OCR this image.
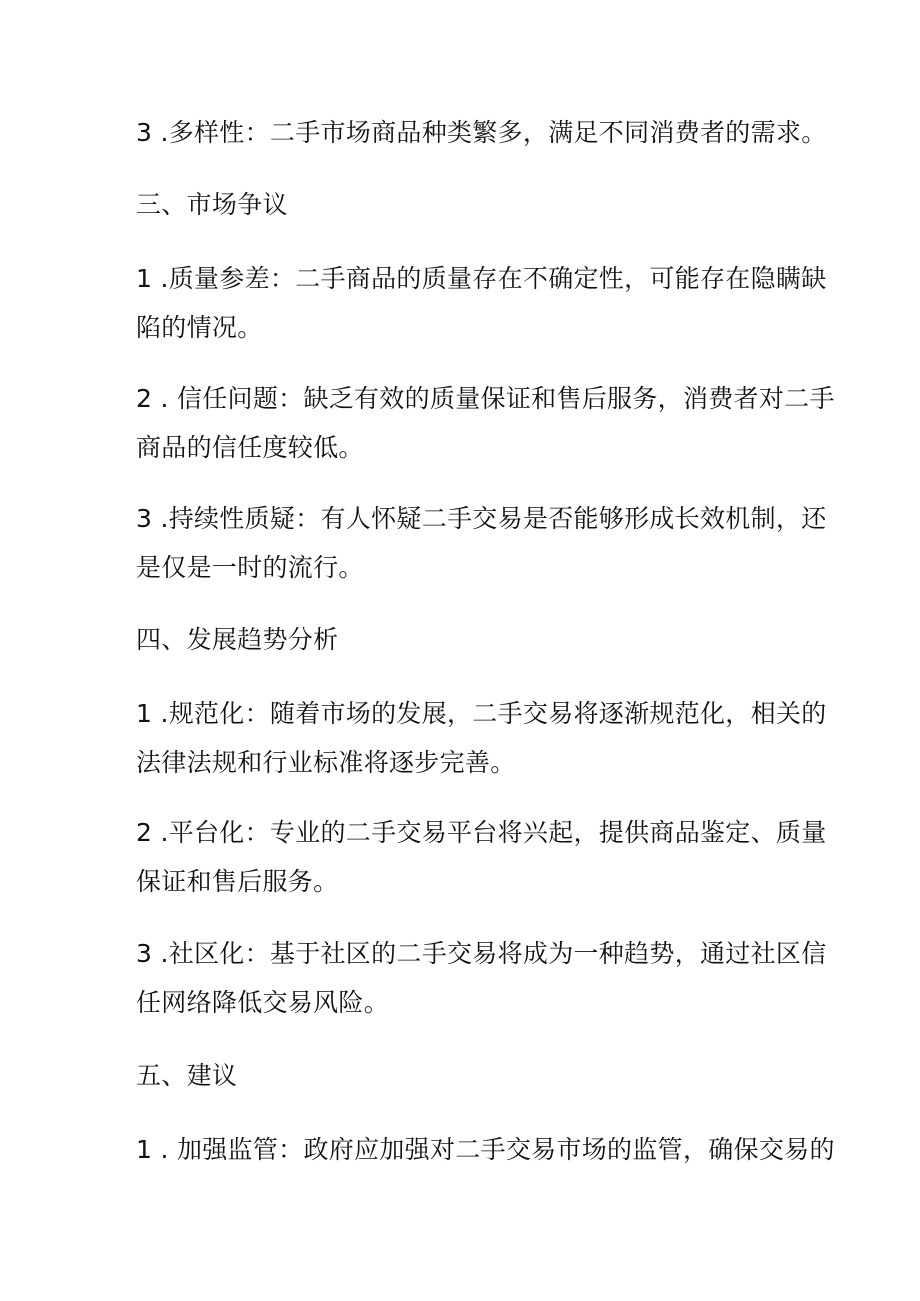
3 .多样性：二手市场商品种类繁多，满足不同消费者的需求。
三、市场争议
1 .质量参差：二手商品的质量存在不确定性，可能存在隐瞒缺
陷的情况。
2 . 信任问题：缺乏有效的质量保证和售后服务，消费者对二手
商品的信任度较低。
3 .持续性质疑：有人怀疑二手交易是否能够形成长效机制，还
是仅是一时的流行。
四、发展趋势分析
1 .规范化：随着市场的发展，二手交易将逐渐规范化，相关的
法律法规和行业标准将逐步完善。
2 .平台化：专业的二手交易平台将兴起，提供商品鉴定、质量
保证和售后服务。
3 .社区化：基于社区的二手交易将成为一种趋势，通过社区信
任网络降低交易风险。
五、建议
1 . 加强监管：政府应加强对二手交易市场的监管，确保交易的
